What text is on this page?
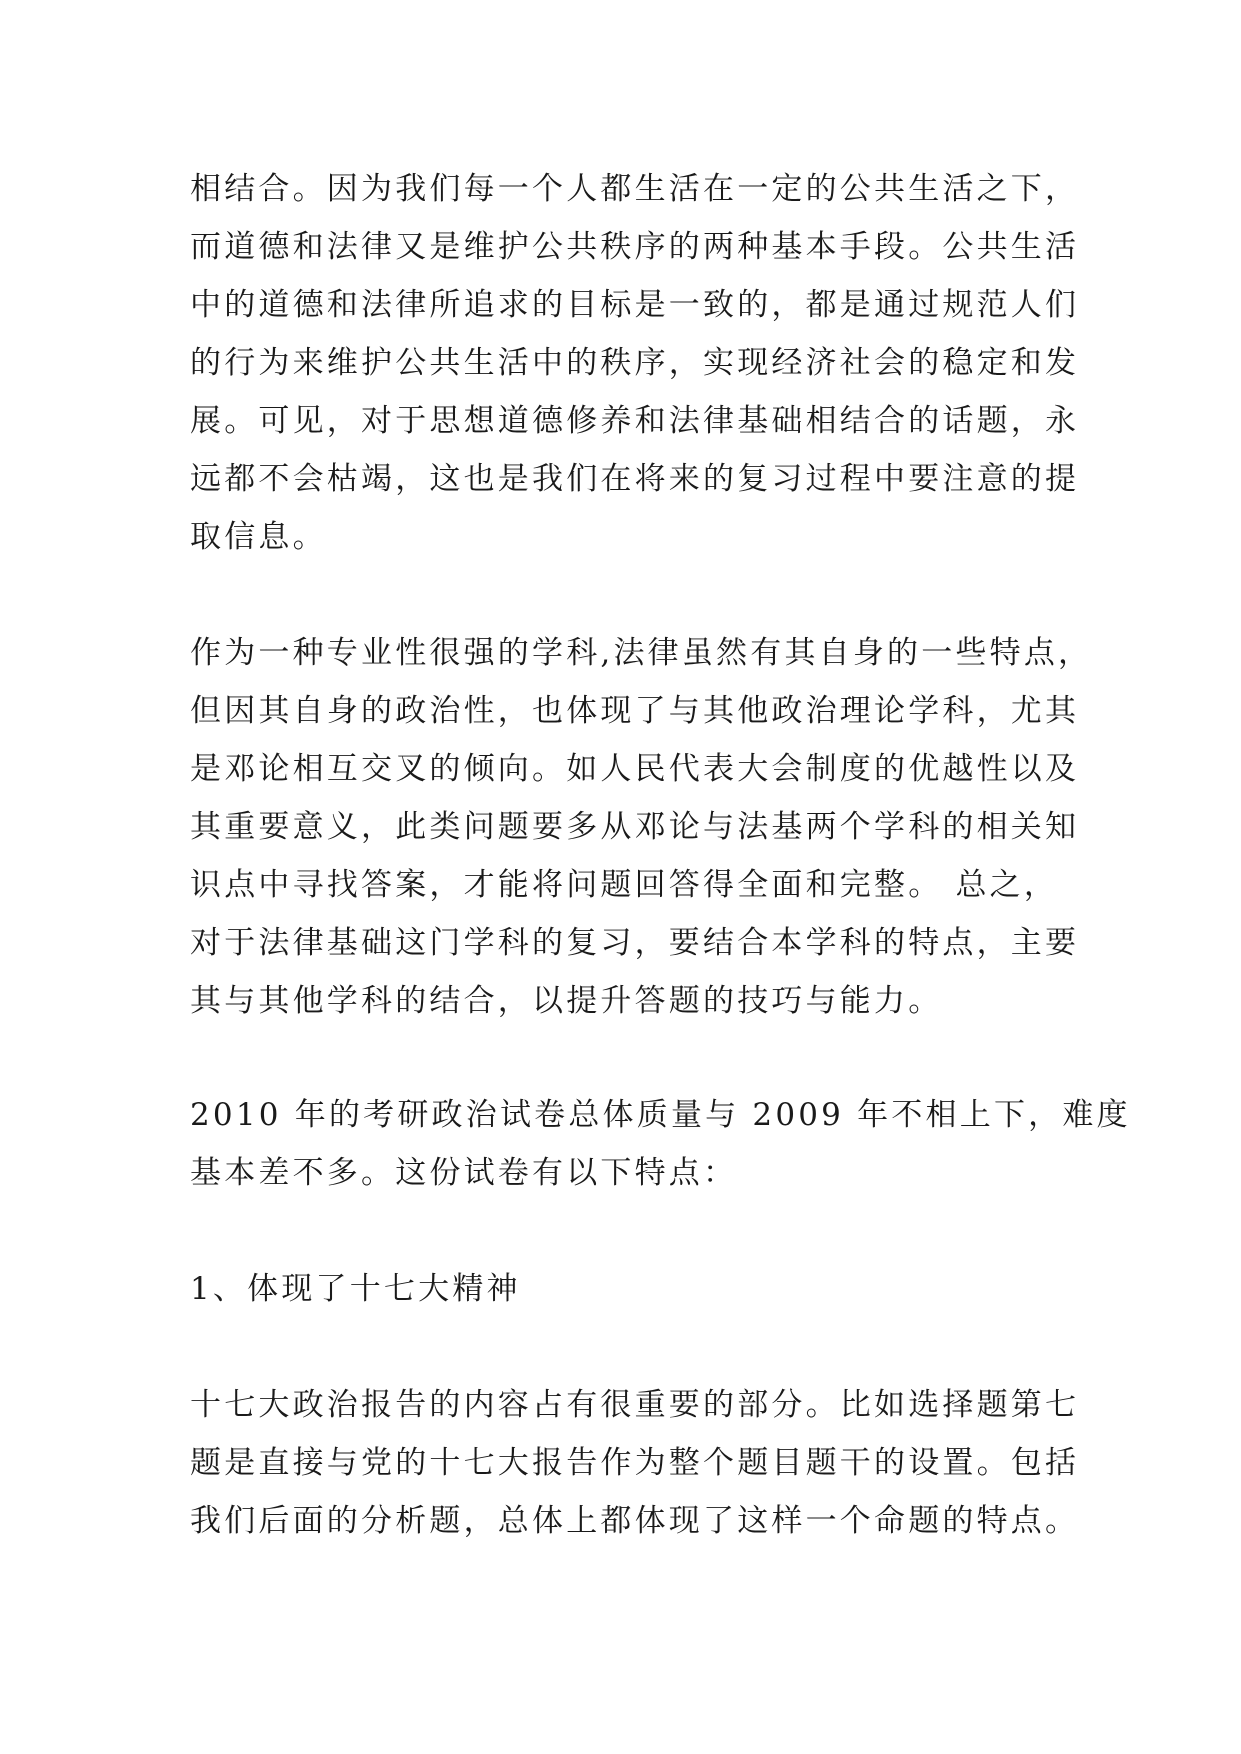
相结合。因为我们每一个人都生活在一定的公共生活之下，
而道德和法律又是维护公共秩序的两种基本手段。公共生活
中的道德和法律所追求的目标是一致的，都是通过规范人们
的行为来维护公共生活中的秩序，实现经济社会的稳定和发
展。可见，对于思想道德修养和法律基础相结合的话题，永
远都不会枯竭，这也是我们在将来的复习过程中要注意的提
取信息。
作为一种专业性很强的学科,法律虽然有其自身的一些特点，
但因其自身的政治性，也体现了与其他政治理论学科，尤其
是邓论相互交叉的倾向。如人民代表大会制度的优越性以及
其重要意义，此类问题要多从邓论与法基两个学科的相关知
识点中寻找答案，才能将问题回答得全面和完整。 总之，
对于法律基础这门学科的复习，要结合本学科的特点，主要
其与其他学科的结合，以提升答题的技巧与能力。
2010 年的考研政治试卷总体质量与 2009 年不相上下，难度
基本差不多。这份试卷有以下特点：
1、体现了十七大精神
十七大政治报告的内容占有很重要的部分。比如选择题第七
题是直接与党的十七大报告作为整个题目题干的设置。包括
我们后面的分析题，总体上都体现了这样一个命题的特点。
